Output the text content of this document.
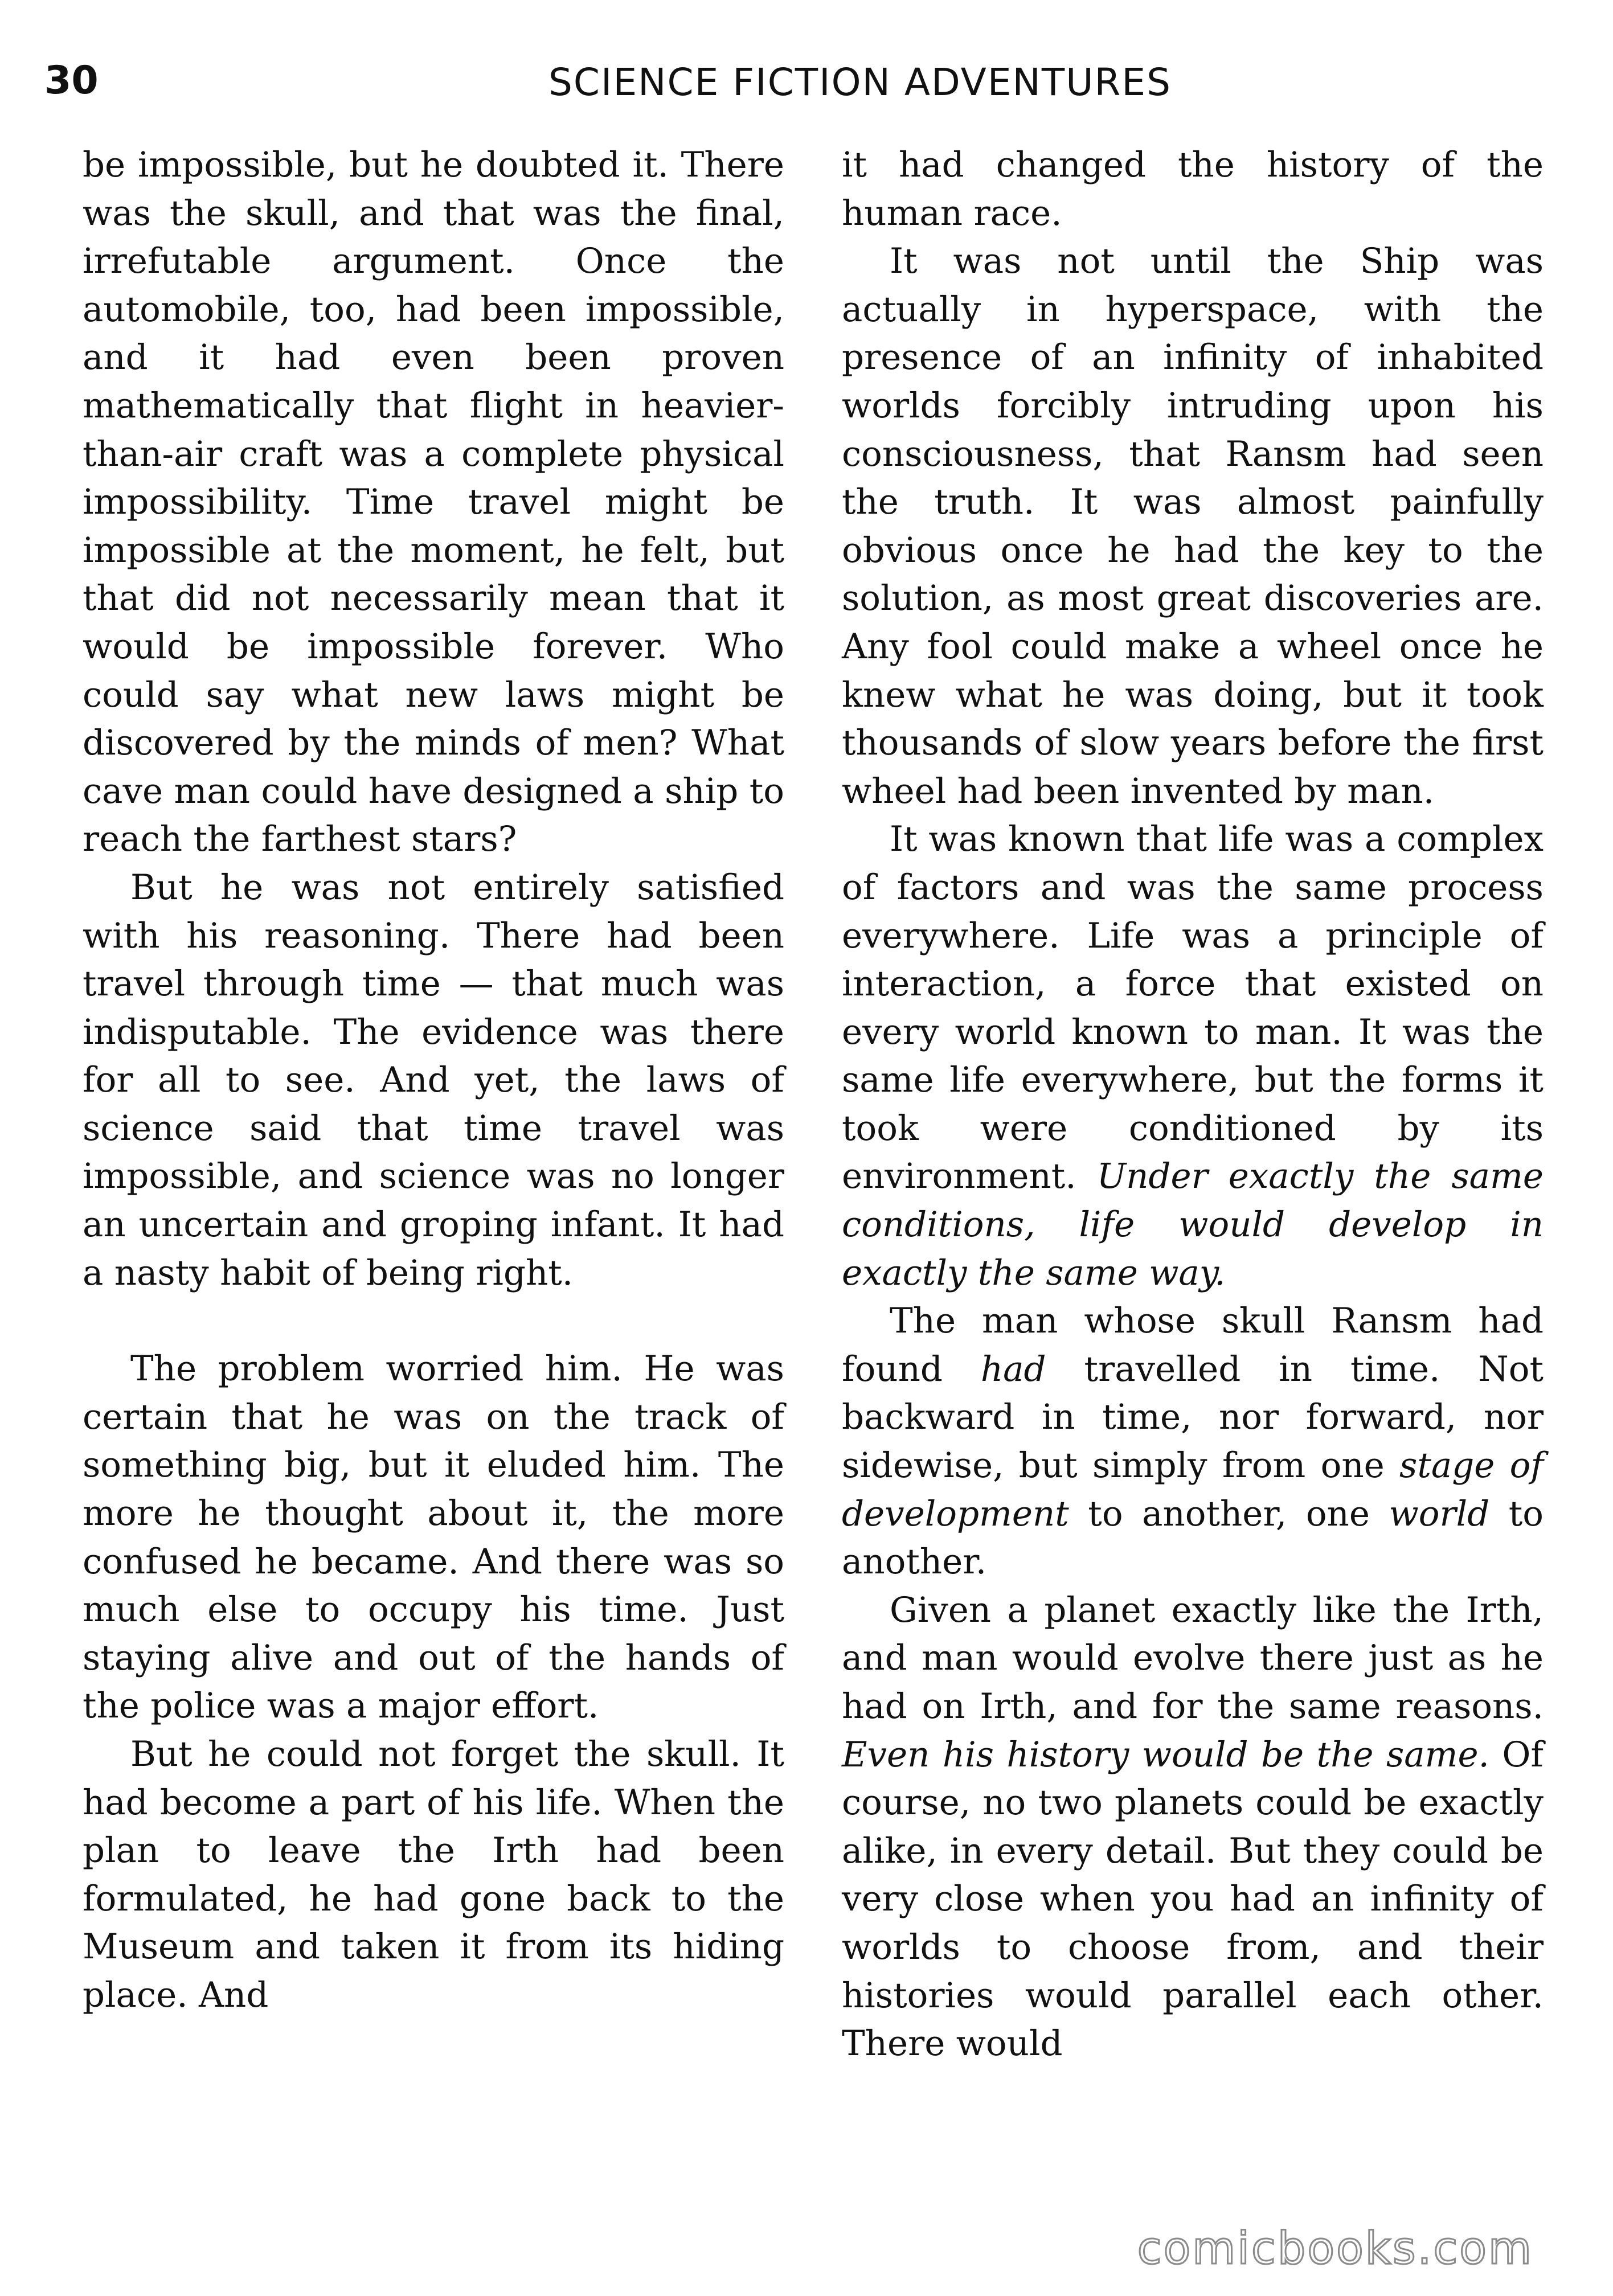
30	SCIENCE FICTION ADVENTURES

be impossible, but he doubted it. There was the skull, and that was the final, irrefutable argument. Once the automobile, too, had been impossible, and it had even been proven mathematically that flight in heavier-than-air craft was a complete physical impossibility. Time travel might be impossible at the moment, he felt, but that did not necessarily mean that it would be impossible forever. Who could say what new laws might be discovered by the minds of men? What cave man could have designed a ship to reach the farthest stars?

But he was not entirely satisfied with his reasoning. There had been travel through time — that much was indisputable. The evidence was there for all to see. And yet, the laws of science said that time travel was impossible, and science was no longer an uncertain and groping infant. It had a nasty habit of being right.

The problem worried him. He was certain that he was on the track of something big, but it eluded him. The more he thought about it, the more confused he became. And there was so much else to occupy his time. Just staying alive and out of the hands of the police was a major effort.

But he could not forget the skull. It had become a part of his life. When the plan to leave the Irth had been formulated, he had gone back to the Museum and taken it from its hiding place. And

it had changed the history of the human race.

It was not until the Ship was actually in hyperspace, with the presence of an infinity of inhabited worlds forcibly intruding upon his consciousness, that Ransm had seen the truth. It was almost painfully obvious once he had the key to the solution, as most great discoveries are. Any fool could make a wheel once he knew what he was doing, but it took thousands of slow years before the first wheel had been invented by man.

It was known that life was a complex of factors and was the same process everywhere. Life was a principle of interaction, a force that existed on every world known to man. It was the same life everywhere, but the forms it took were conditioned by its environment. Under exactly the same conditions, life would develop in exactly the same way.

The man whose skull Ransm had found had travelled in time. Not backward in time, nor forward, nor sidewise, but simply from one stage of development to another, one world to another.

Given a planet exactly like the Irth, and man would evolve there just as he had on Irth, and for the same reasons. Even his history would be the same. Of course, no two planets could be exactly alike, in every detail. But they could be very close when you had an infinity of worlds to choose from, and their histories would parallel each other. There would

comicbooks.com
